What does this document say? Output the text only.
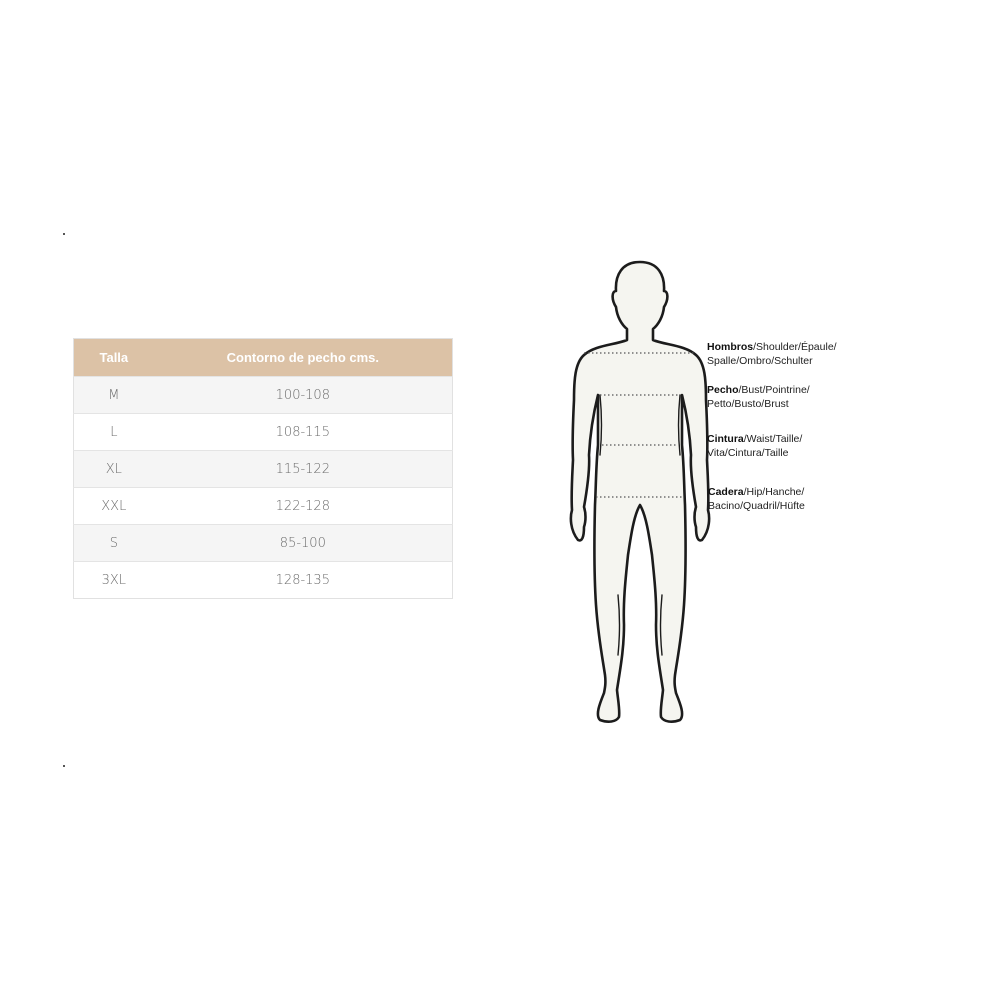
Talla	Contorno de pecho cms.
M	100-108
L	108-115
XL	115-122
XXL	122-128
S	85-100
3XL	128-135
Hombros/Shoulder/Épaule/
Spalle/Ombro/Schulter
Pecho/Bust/Pointrine/
Petto/Busto/Brust
Cintura/Waist/Taille/
Vita/Cintura/Taille
Cadera/Hip/Hanche/
Bacino/Quadril/Hüfte
